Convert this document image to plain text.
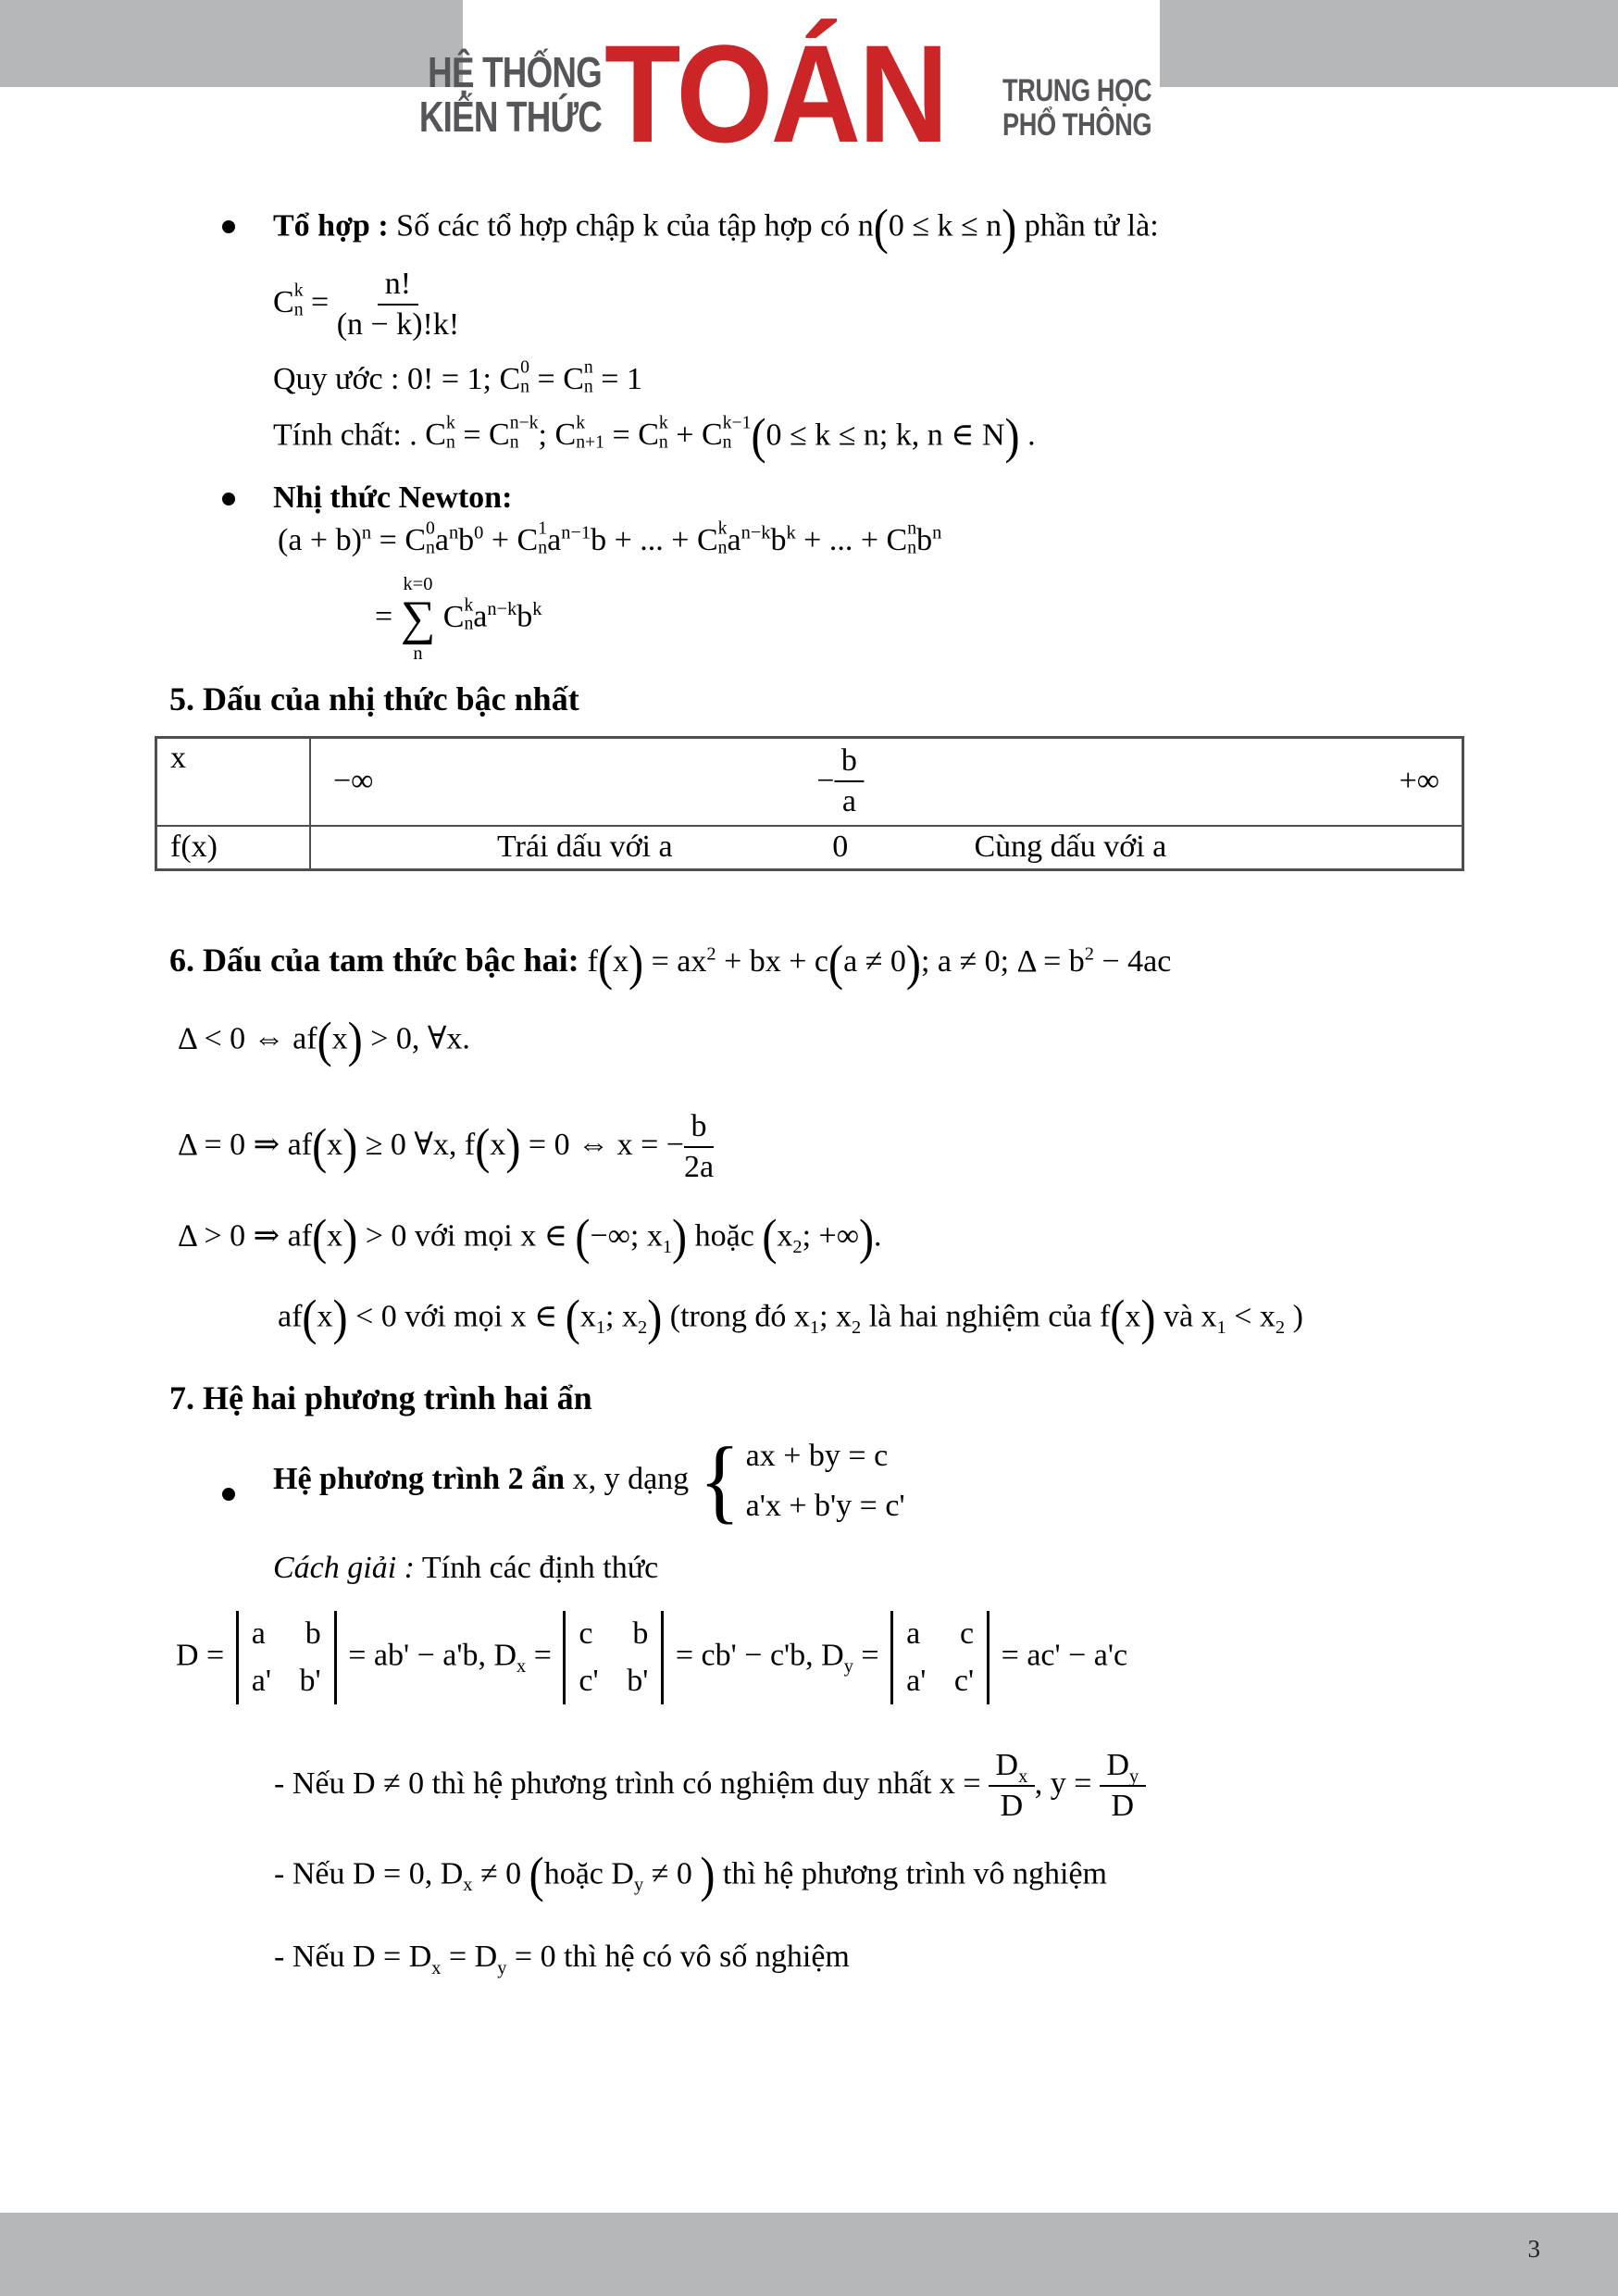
HỆ THỐNG
KIẾN THỨC TOÁN TRUNG HỌC
PHỔ THÔNG
Tổ hợp : Số các tổ hợp chập k của tập hợp có n(0 ≤ k ≤ n) phần tử là:
C k
$n = \frac{n!}{(n - k)!k!}$
Quy ước : 0! = 1; C 0
n = C n
n = 1
Tính chất: . C k
n = C n−k
n ; C k
n+1 = C k
n + C k−1
n (0 ≤ k ≤ n; k, n ∈ N) .
Nhị thức Newton:
$(a + b)^n = C$ 0
n $a^nb^0 + C$ 1
n $a^{n-1}b$ + ... + C k
n $a^{n-k}b^k$ + ... + C n
n $b^n$
=
k=0
∑
n

C k
n $a^{n-k}b^k$
5. Dấu của nhị thức bậc nhất
x	−∞ − $\frac{b}{a}$ +∞

f(x)	Trái dấu với a 0 Cùng dấu với a
6. Dấu của tam thức bậc hai: $f(x) = ax^2$ + bx + c(a ≠ 0); a ≠ 0; $\Delta = b^2 - 4ac$
Δ < 0 ⇔ af(x) > 0, ∀x.
Δ = 0 ⇒ af(x) ≥ 0 ∀x, f(x) = 0 ⇔ x = − $\frac{b}{2a}$
Δ > 0 ⇒ af(x) > 0 với mọi x ∈ (−∞; $x_1$) hoặc ($x_2$; +∞).
af(x) < 0 với mọi x ∈ ($x_1$; $x_2$) (trong đó $x_1$; $x_2$ là hai nghiệm của f(x) và $x_1 < x_2$ )
7. Hệ hai phương trình hai ẩn
Hệ phương trình 2 ẩn x, y dạng { ax + by = c
a'x + b'y = c'
Cách giải : Tính các định thức
D =
a b
a' b'
= ab' − a'b, $D_x$ =
c b
c' b'
= cb' − c'b, $D_y$ =
a c
a' c'
= ac' − a'c
- Nếu D ≠ 0 thì hệ phương trình có nghiệm duy nhất $x = \frac{D_x}{D}$ , $y = \frac{D_y}{D}$
- Nếu D = 0, $D_x \ne 0$ (hoặc $D_y \ne 0$ ) thì hệ phương trình vô nghiệm
- Nếu $D = D_x = D_y = 0$ thì hệ có vô số nghiệm
3
